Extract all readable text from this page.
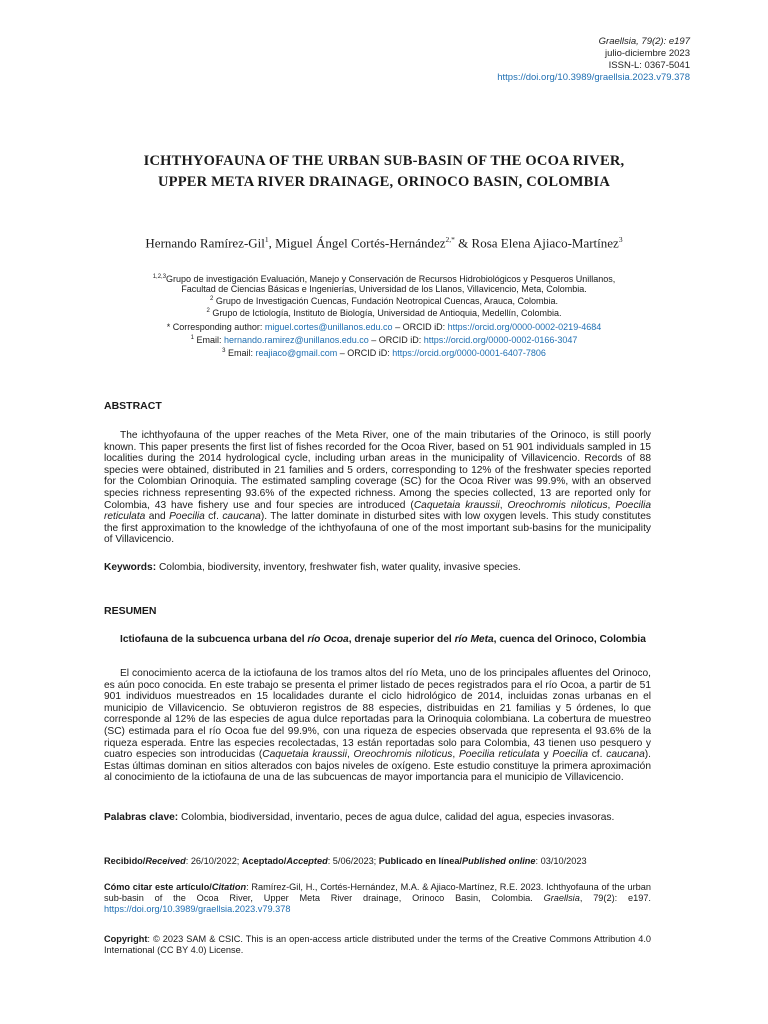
Graellsia, 79(2): e197
julio-diciembre 2023
ISSN-L: 0367-5041
https://doi.org/10.3989/graellsia.2023.v79.378
ICHTHYOFAUNA OF THE URBAN SUB-BASIN OF THE OCOA RIVER,
UPPER META RIVER DRAINAGE, ORINOCO BASIN, COLOMBIA
Hernando Ramírez-Gil$^1$, Miguel Ángel Cortés-Hernández$^{2,*}$ & Rosa Elena Ajiaco-Martínez$^3$
$^{1,2,3}$Grupo de investigación Evaluación, Manejo y Conservación de Recursos Hidrobiológicos y Pesqueros Unillanos,
Facultad de Ciencias Básicas e Ingenierías, Universidad de los Llanos, Villavicencio, Meta, Colombia.
$^2$ Grupo de Investigación Cuencas, Fundación Neotropical Cuencas, Arauca, Colombia.
$^2$ Grupo de Ictiología, Instituto de Biología, Universidad de Antioquia, Medellín, Colombia.
* Corresponding author: miguel.cortes@unillanos.edu.co – ORCID iD: https://orcid.org/0000-0002-0219-4684
$^1$ Email: hernando.ramirez@unillanos.edu.co – ORCID iD: https://orcid.org/0000-0002-0166-3047
$^3$ Email: reajiaco@gmail.com – ORCID iD: https://orcid.org/0000-0001-6407-7806
ABSTRACT

The ichthyofauna of the upper reaches of the Meta River, one of the main tributaries of the Orinoco, is still poorly known. This paper presents the first list of fishes recorded for the Ocoa River, based on 51 901 individuals sampled in 15 localities during the 2014 hydrological cycle, including urban areas in the municipality of Villavicencio. Records of 88 species were obtained, distributed in 21 families and 5 orders, corresponding to 12% of the freshwater species reported for the Colombian Orinoquia. The estimated sampling coverage (SC) for the Ocoa River was 99.9%, with an observed species richness representing 93.6% of the expected richness. Among the species collected, 13 are reported only for Colombia, 43 have fishery use and four species are introduced (Caquetaia kraussii, Oreochromis niloticus, Poecilia reticulata and Poecilia cf. caucana). The latter dominate in disturbed sites with low oxygen levels. This study constitutes the first approximation to the knowledge of the ichthyofauna of one of the most important sub-basins for the municipality of Villavicencio.

Keywords: Colombia, biodiversity, inventory, freshwater fish, water quality, invasive species.
RESUMEN
Ictiofauna de la subcuenca urbana del río Ocoa, drenaje superior del río Meta, cuenca del Orinoco, Colombia

El conocimiento acerca de la ictiofauna de los tramos altos del río Meta, uno de los principales afluentes del Orinoco, es aún poco conocida. En este trabajo se presenta el primer listado de peces registrados para el río Ocoa, a partir de 51 901 individuos muestreados en 15 localidades durante el ciclo hidrológico de 2014, incluidas zonas urbanas en el municipio de Villavicencio. Se obtuvieron registros de 88 especies, distribuidas en 21 familias y 5 órdenes, lo que corresponde al 12% de las especies de agua dulce reportadas para la Orinoquia colombiana. La cobertura de muestreo (SC) estimada para el río Ocoa fue del 99.9%, con una riqueza de especies observada que representa el 93.6% de la riqueza esperada. Entre las especies recolectadas, 13 están reportadas solo para Colombia, 43 tienen uso pesquero y cuatro especies son introducidas (Caquetaia kraussii, Oreochromis niloticus, Poecilia reticulata y Poecilia cf. caucana). Estas últimas dominan en sitios alterados con bajos niveles de oxígeno. Este estudio constituye la primera aproximación al conocimiento de la ictiofauna de una de las subcuencas de mayor importancia para el municipio de Villavicencio.

Palabras clave: Colombia, biodiversidad, inventario, peces de agua dulce, calidad del agua, especies invasoras.
Recibido/Received: 26/10/2022; Aceptado/Accepted: 5/06/2023; Publicado en línea/Published online: 03/10/2023
Cómo citar este artículo/Citation: Ramírez-Gil, H., Cortés-Hernández, M.A. & Ajiaco-Martínez, R.E. 2023. Ichthyofauna of the urban sub-basin of the Ocoa River, Upper Meta River drainage, Orinoco Basin, Colombia. Graellsia, 79(2): e197. https://doi.org/10.3989/graellsia.2023.v79.378
Copyright: © 2023 SAM & CSIC. This is an open-access article distributed under the terms of the Creative Commons Attribution 4.0 International (CC BY 4.0) License.
